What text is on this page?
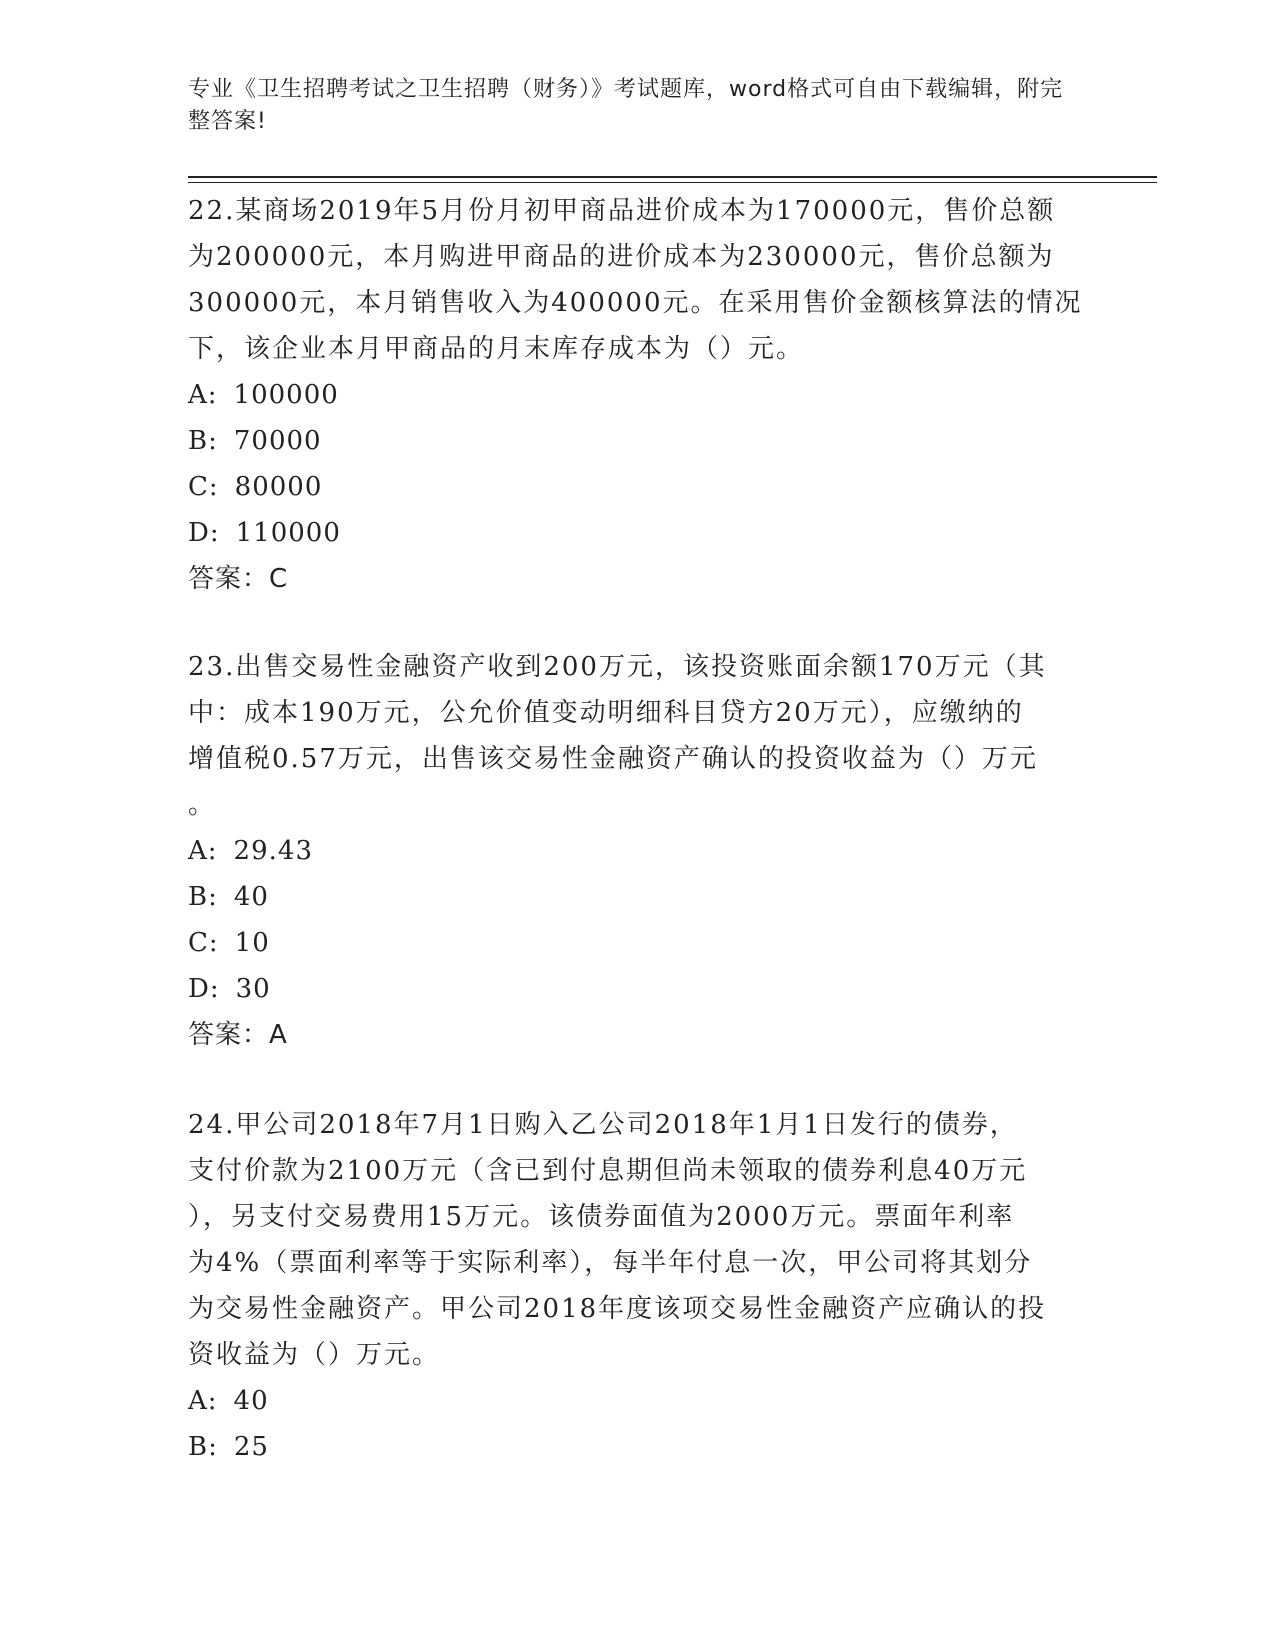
专业《卫生招聘考试之卫生招聘（财务）》考试题库，word格式可自由下载编辑，附完整答案!

22.某商场2019年5月份月初甲商品进价成本为170000元，售价总额
为200000元，本月购进甲商品的进价成本为230000元，售价总额为
300000元，本月销售收入为400000元。在采用售价金额核算法的情况
下，该企业本月甲商品的月末库存成本为（）元。

A: 100000
B: 70000
C: 80000
D: 110000
答案：C

23.出售交易性金融资产收到200万元，该投资账面余额170万元（其
中：成本190万元，公允价值变动明细科目贷方20万元），应缴纳的
增值税0.57万元，出售该交易性金融资产确认的投资收益为（）万元
。

A: 29.43
B: 40
C: 10
D: 30
答案：A

24.甲公司2018年7月1日购入乙公司2018年1月1日发行的债券，
支付价款为2100万元（含已到付息期但尚未领取的债券利息40万元
），另支付交易费用15万元。该债券面值为2000万元。票面年利率
为4%（票面利率等于实际利率），每半年付息一次，甲公司将其划分
为交易性金融资产。甲公司2018年度该项交易性金融资产应确认的投
资收益为（）万元。

A: 40
B: 25
